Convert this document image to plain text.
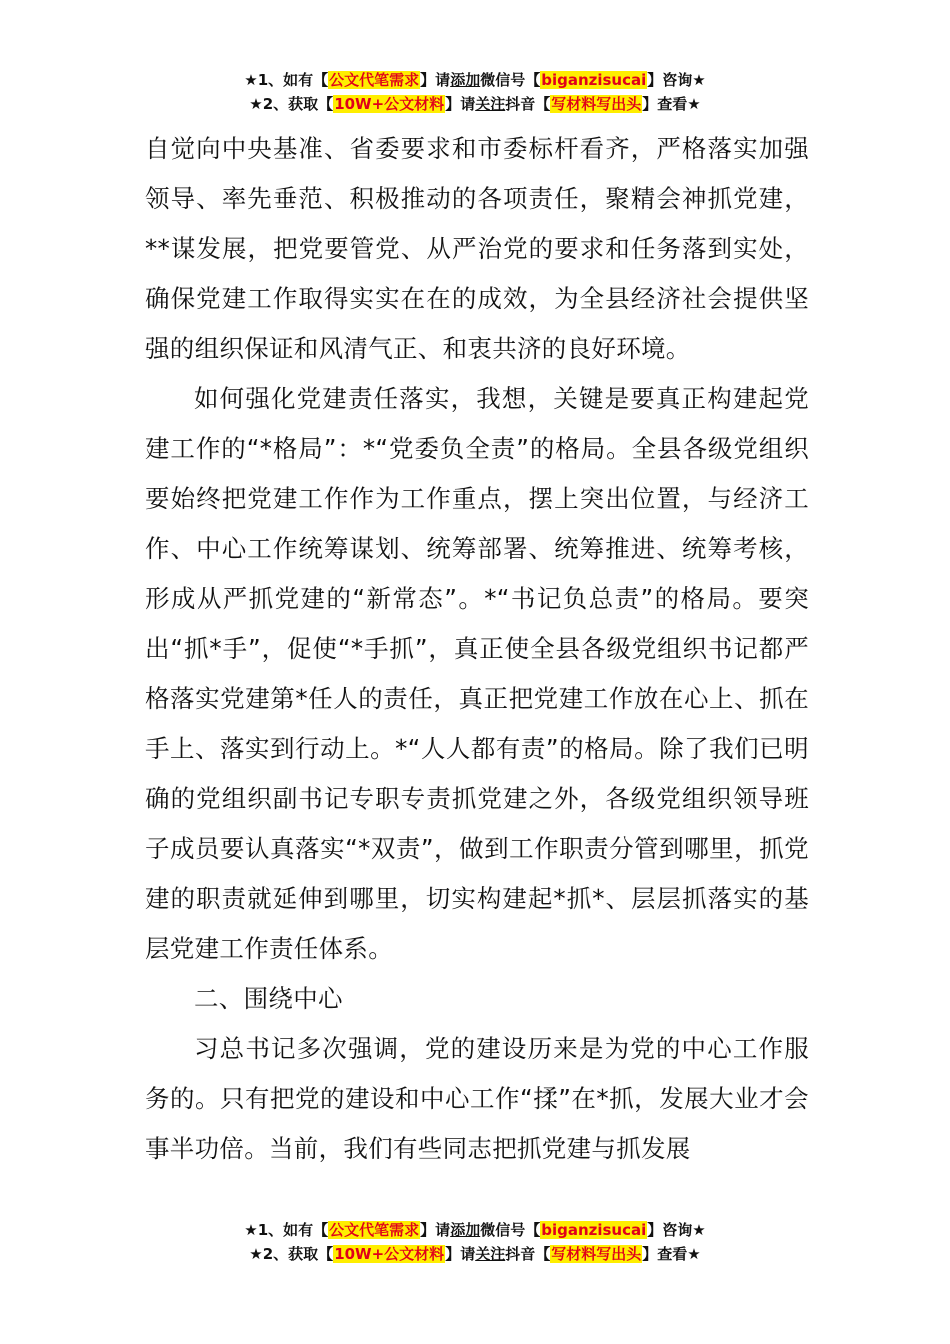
★1、如有【公文代笔需求】请添加微信号【biganzisucai】咨询★
★2、获取【10W+公文材料】请关注抖音【写材料写出头】查看★

自觉向中央基准、省委要求和市委标杆看齐，严格落实加强领导、率先垂范、积极推动的各项责任，聚精会神抓党建，**谋发展，把党要管党、从严治党的要求和任务落到实处，确保党建工作取得实实在在的成效，为全县经济社会提供坚强的组织保证和风清气正、和衷共济的良好环境。

如何强化党建责任落实，我想，关键是要真正构建起党建工作的“*格局”：*“党委负全责”的格局。全县各级党组织要始终把党建工作作为工作重点，摆上突出位置，与经济工作、中心工作统筹谋划、统筹部署、统筹推进、统筹考核，形成从严抓党建的“新常态”。*“书记负总责”的格局。要突出“抓*手”，促使“*手抓”，真正使全县各级党组织书记都严格落实党建第*任人的责任，真正把党建工作放在心上、抓在手上、落实到行动上。*“人人都有责”的格局。除了我们已明确的党组织副书记专职专责抓党建之外，各级党组织领导班子成员要认真落实“*双责”，做到工作职责分管到哪里，抓党建的职责就延伸到哪里，切实构建起*抓*、层层抓落实的基层党建工作责任体系。

二、围绕中心

习总书记多次强调，党的建设历来是为党的中心工作服务的。只有把党的建设和中心工作“揉”在*抓，发展大业才会事半功倍。当前，我们有些同志把抓党建与抓发展

★1、如有【公文代笔需求】请添加微信号【biganzisucai】咨询★
★2、获取【10W+公文材料】请关注抖音【写材料写出头】查看★
